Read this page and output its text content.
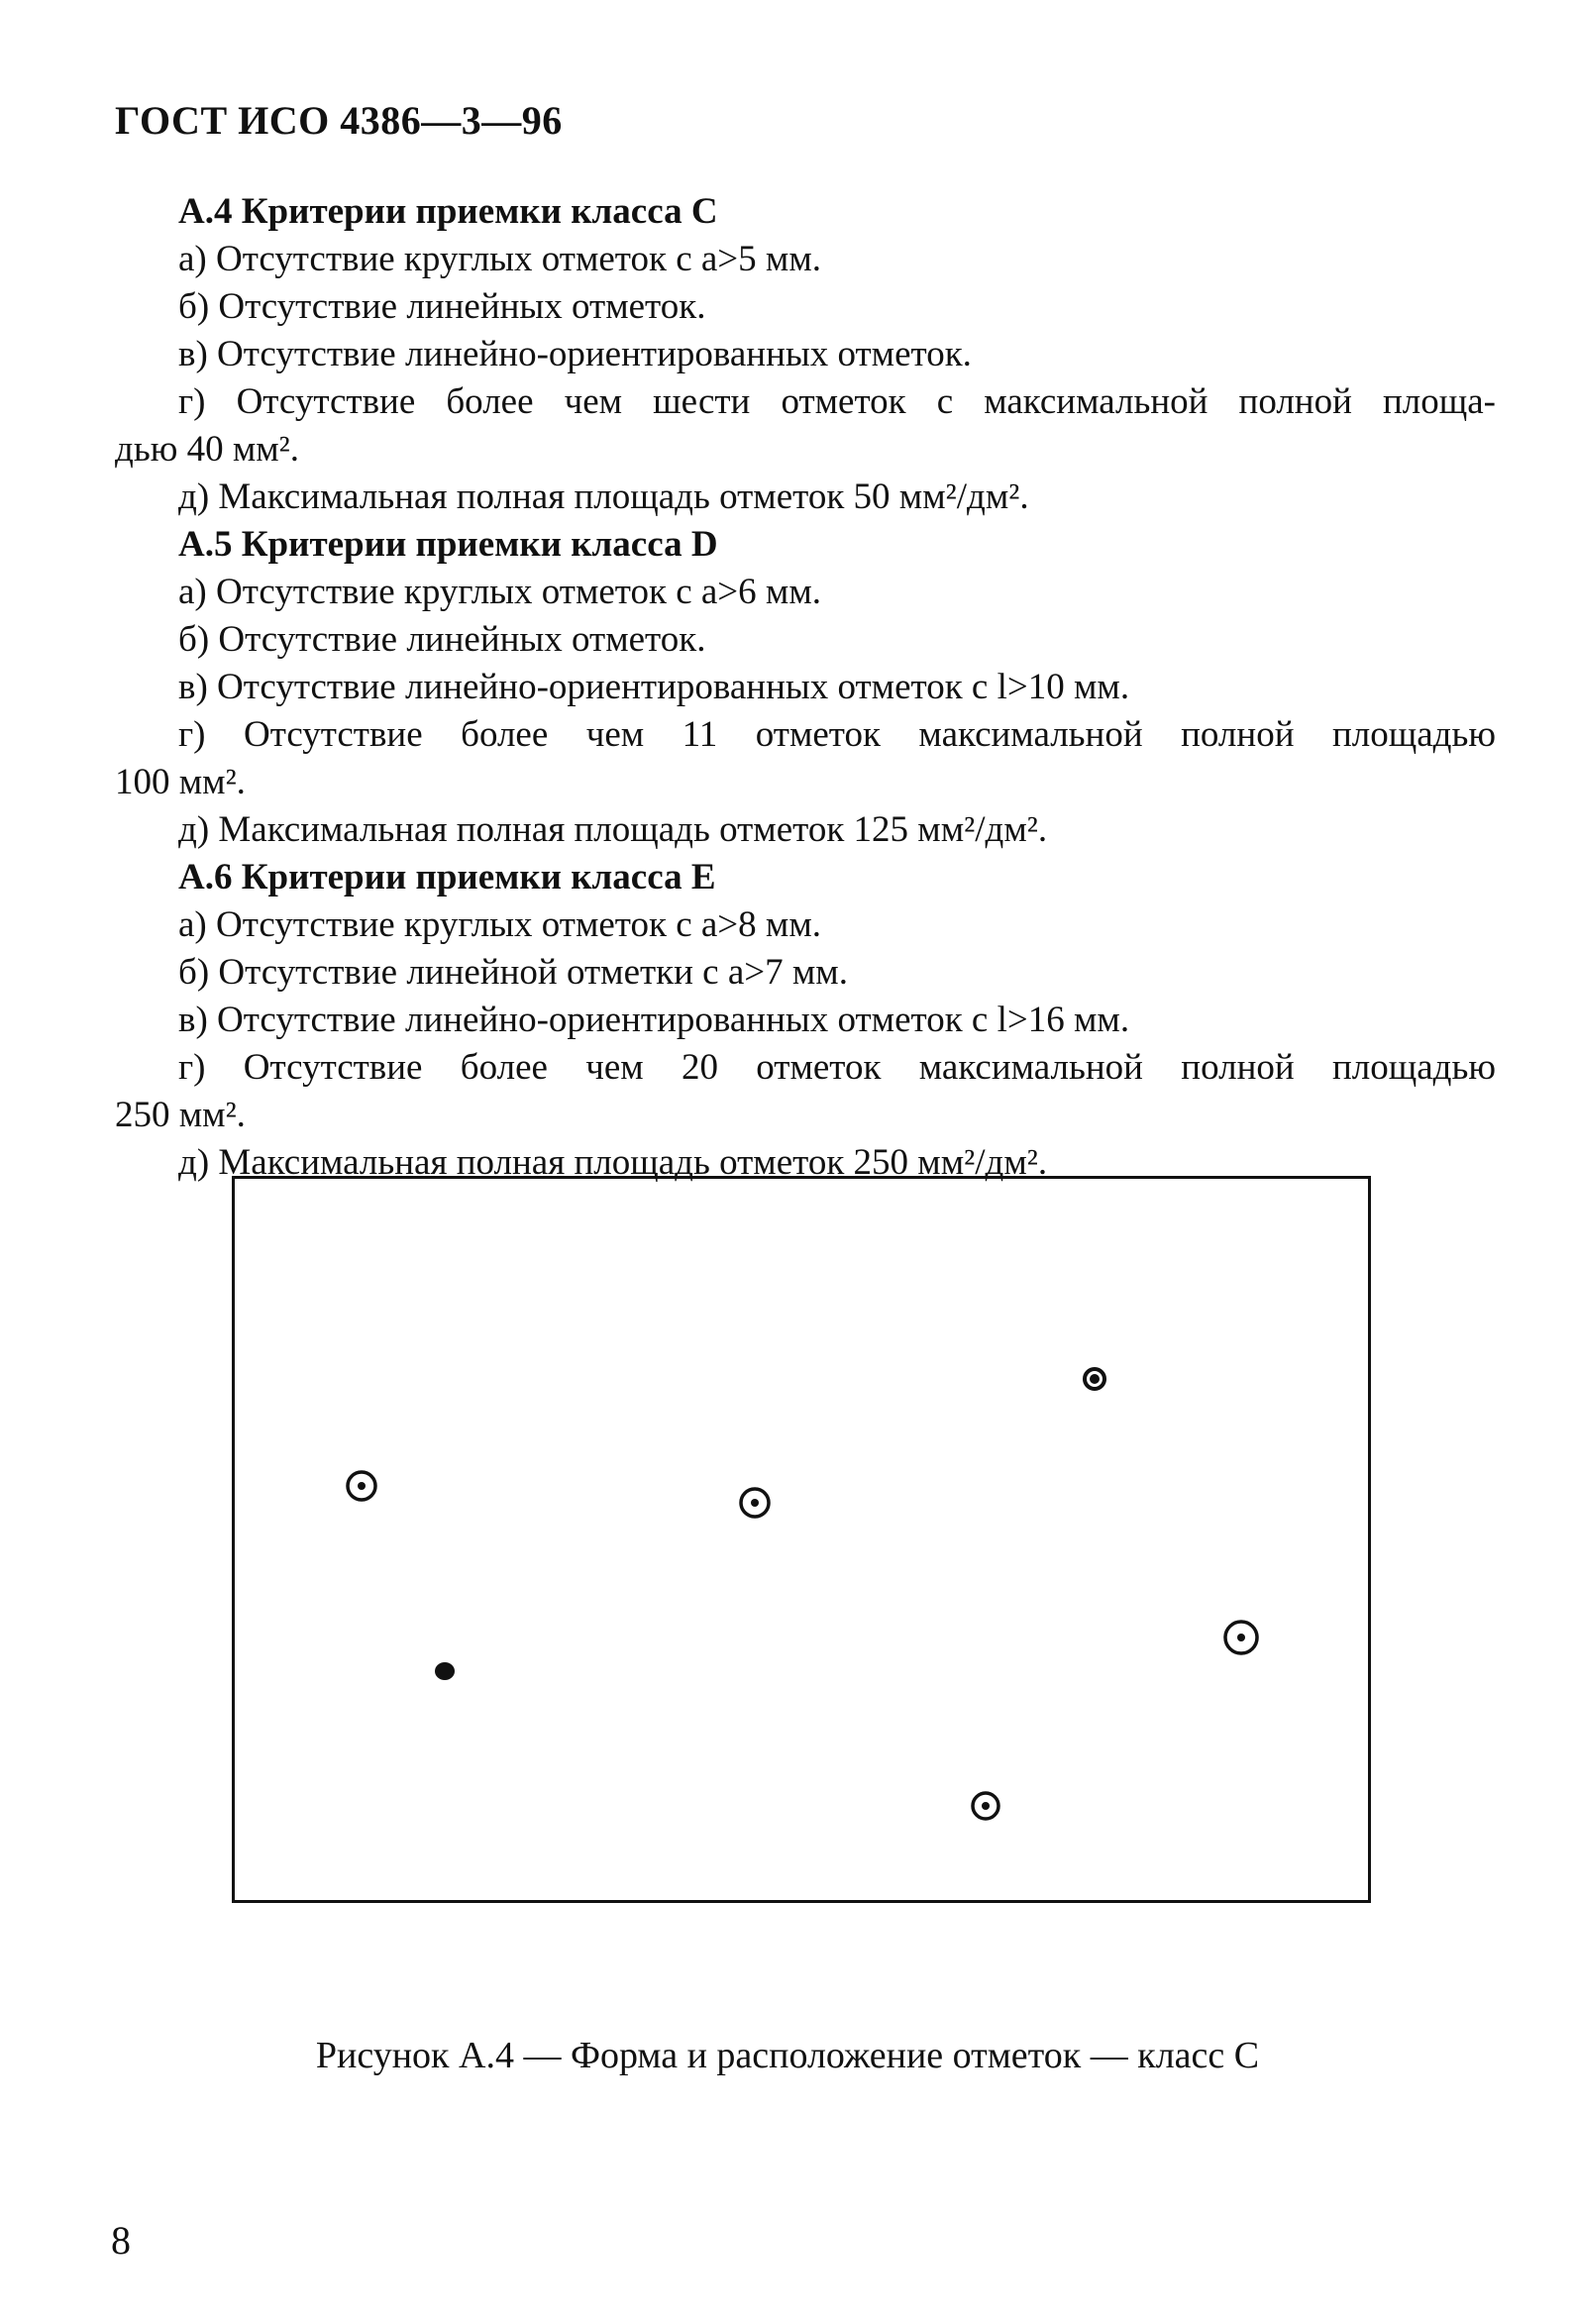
ГОСТ ИСО 4386—3—96
А.4 Критерии приемки класса С
а) Отсутствие круглых отметок с a>5 мм.
б) Отсутствие линейных отметок.
в) Отсутствие линейно-ориентированных отметок.
г) Отсутствие более чем шести отметок с максимальной полной площа-
дью 40 мм².
д) Максимальная полная площадь отметок 50 мм²/дм².
А.5 Критерии приемки класса D
а) Отсутствие круглых отметок с a>6 мм.
б) Отсутствие линейных отметок.
в) Отсутствие линейно-ориентированных отметок с l>10 мм.
г) Отсутствие более чем 11 отметок максимальной полной площадью
100 мм².
д) Максимальная полная площадь отметок 125 мм²/дм².
А.6 Критерии приемки класса Е
а) Отсутствие круглых отметок с a>8 мм.
б) Отсутствие линейной отметки с a>7 мм.
в) Отсутствие линейно-ориентированных отметок с l>16 мм.
г) Отсутствие более чем 20 отметок максимальной полной площадью
250 мм².
д) Максимальная полная площадь отметок 250 мм²/дм².
Рисунок А.4 — Форма и расположение отметок — класс С
8
